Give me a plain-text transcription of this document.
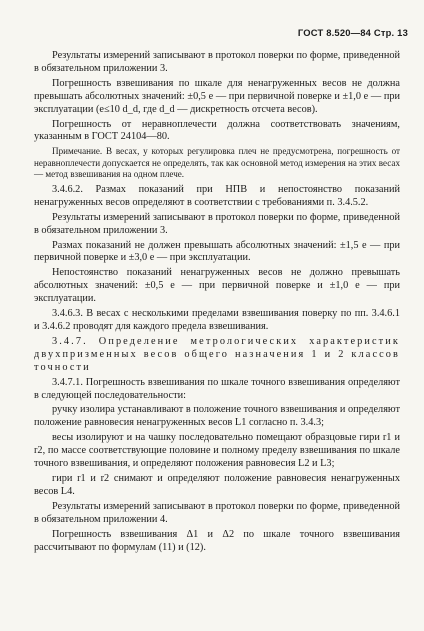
ГОСТ 8.520—84 Стр. 13

Результаты измерений записывают в протокол поверки по форме, приведенной в обязательном приложении 3.

Погрешность взвешивания по шкале для ненагруженных весов не должна превышать абсолютных значений: ±0,5 e — при первичной поверке и ±1,0 e — при эксплуатации (e≤10 d_d, где d_d — дискретность отсчета весов).

Погрешность от неравноплечести должна соответствовать значениям, указанным в ГОСТ 24104—80.

Примечание. В весах, у которых регулировка плеч не предусмотрена, погрешность от неравноплечести допускается не определять, так как основной метод измерения на этих весах — метод взвешивания на одном плече.

3.4.6.2. Размах показаний при НПВ и непостоянство показаний ненагруженных весов определяют в соответствии с требованиями п. 3.4.5.2.

Результаты измерений записывают в протокол поверки по форме, приведенной в обязательном приложении 3.

Размах показаний не должен превышать абсолютных значений: ±1,5 e — при первичной поверке и ±3,0 e — при эксплуатации.

Непостоянство показаний ненагруженных весов не должно превышать абсолютных значений: ±0,5 e — при первичной поверке и ±1,0 e — при эксплуатации.

3.4.6.3. В весах с несколькими пределами взвешивания поверку по пп. 3.4.6.1 и 3.4.6.2 проводят для каждого предела взвешивания.

3.4.7. Определение метрологических характеристик двухпризменных весов общего назначения 1 и 2 классов точности

3.4.7.1. Погрешность взвешивания по шкале точного взвешивания определяют в следующей последовательности:

ручку изолира устанавливают в положение точного взвешивания и определяют положение равновесия ненагруженных весов L1 согласно п. 3.4.3;

весы изолируют и на чашку последовательно помещают образцовые гири r1 и r2, по массе соответствующие половине и полному пределу взвешивания по шкале точного взвешивания, и определяют положения равновесия L2 и L3;

гири r1 и r2 снимают и определяют положение равновесия ненагруженных весов L4.

Результаты измерений записывают в протокол поверки по форме, приведенной в обязательном приложении 4.

Погрешность взвешивания Δ1 и Δ2 по шкале точного взвешивания рассчитывают по формулам (11) и (12).
